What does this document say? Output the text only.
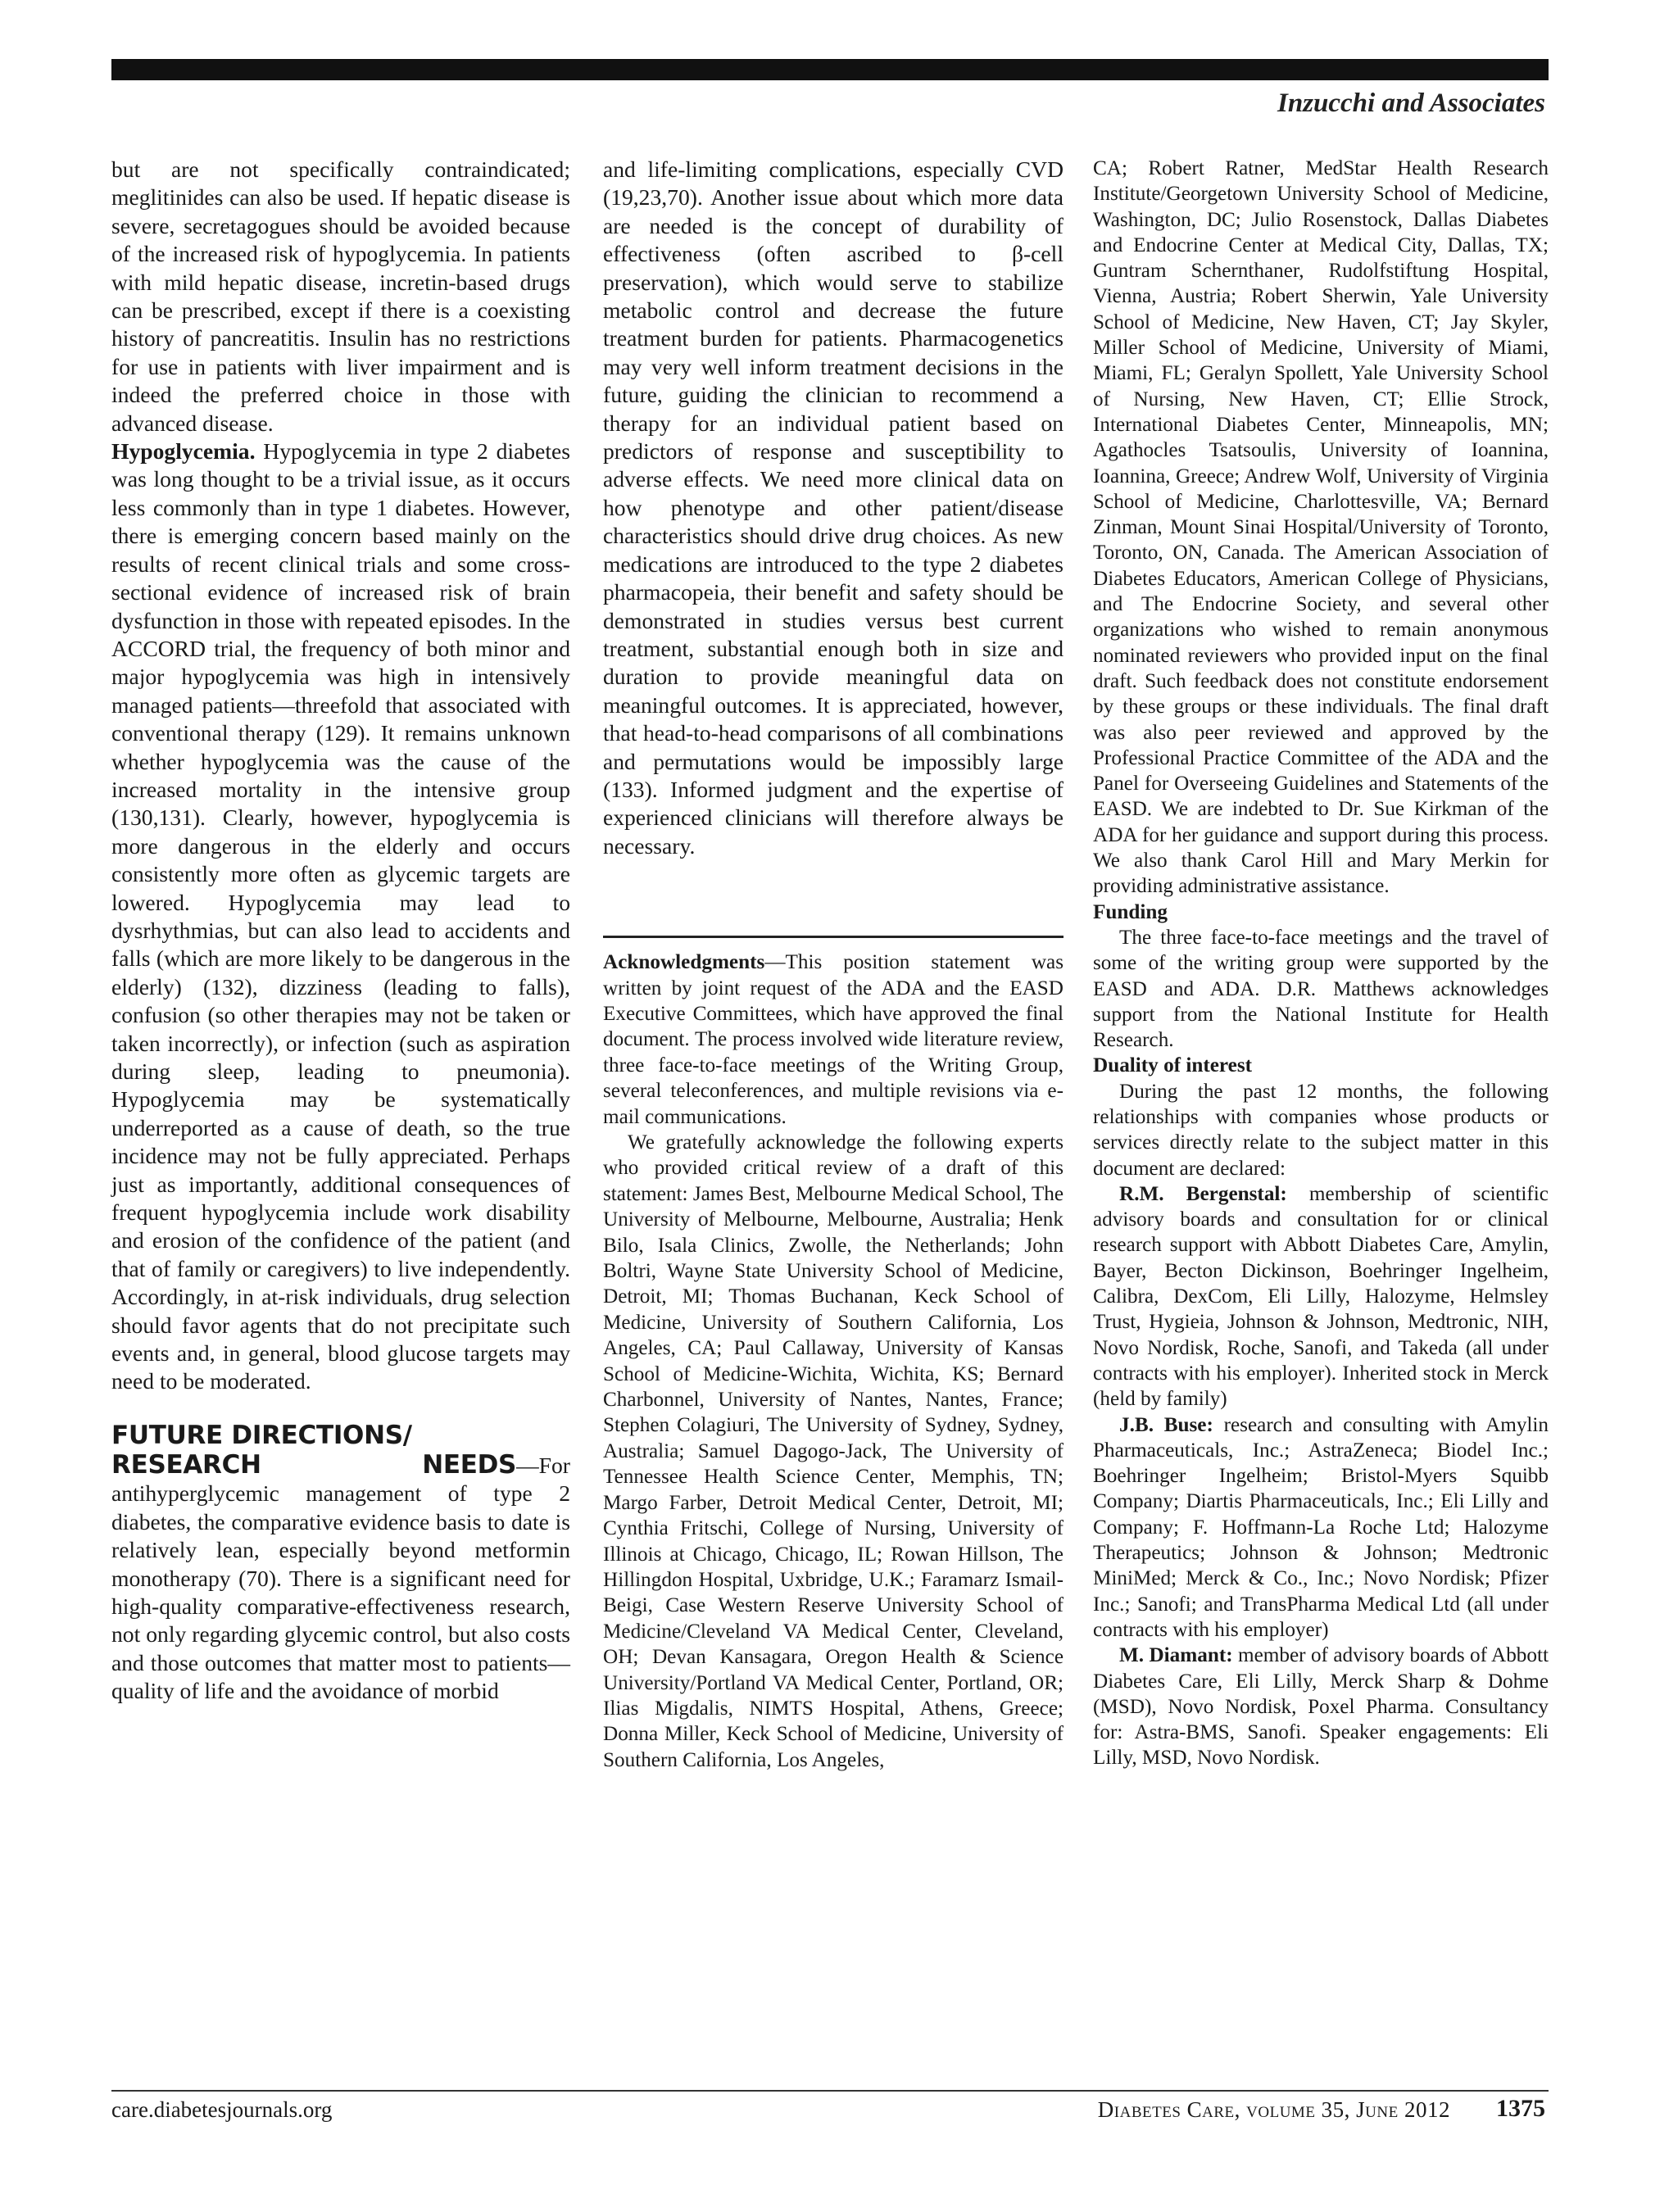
Inzucchi and Associates

but are not specifically contraindicated; meglitinides can also be used. If hepatic disease is severe, secretagogues should be avoided because of the increased risk of hypoglycemia. In patients with mild hepatic disease, incretin-based drugs can be prescribed, except if there is a coexisting history of pancreatitis. Insulin has no restrictions for use in patients with liver impairment and is indeed the preferred choice in those with advanced disease.

Hypoglycemia. Hypoglycemia in type 2 diabetes was long thought to be a trivial issue, as it occurs less commonly than in type 1 diabetes. However, there is emerging concern based mainly on the results of recent clinical trials and some cross-sectional evidence of increased risk of brain dysfunction in those with repeated episodes. In the ACCORD trial, the frequency of both minor and major hypoglycemia was high in intensively managed patients—threefold that associated with conventional therapy (129). It remains unknown whether hypoglycemia was the cause of the increased mortality in the intensive group (130,131). Clearly, however, hypoglycemia is more dangerous in the elderly and occurs consistently more often as glycemic targets are lowered. Hypoglycemia may lead to dysrhythmias, but can also lead to accidents and falls (which are more likely to be dangerous in the elderly) (132), dizziness (leading to falls), confusion (so other therapies may not be taken or taken incorrectly), or infection (such as aspiration during sleep, leading to pneumonia). Hypoglycemia may be systematically underreported as a cause of death, so the true incidence may not be fully appreciated. Perhaps just as importantly, additional consequences of frequent hypoglycemia include work disability and erosion of the confidence of the patient (and that of family or caregivers) to live independently. Accordingly, in at-risk individuals, drug selection should favor agents that do not precipitate such events and, in general, blood glucose targets may need to be moderated.

FUTURE DIRECTIONS/

RESEARCH NEEDS—For antihyperglycemic management of type 2 diabetes, the comparative evidence basis to date is relatively lean, especially beyond metformin monotherapy (70). There is a significant need for high-quality comparative-effectiveness research, not only regarding glycemic control, but also costs and those outcomes that matter most to patients—quality of life and the avoidance of morbid

and life-limiting complications, especially CVD (19,23,70). Another issue about which more data are needed is the concept of durability of effectiveness (often ascribed to β-cell preservation), which would serve to stabilize metabolic control and decrease the future treatment burden for patients. Pharmacogenetics may very well inform treatment decisions in the future, guiding the clinician to recommend a therapy for an individual patient based on predictors of response and susceptibility to adverse effects. We need more clinical data on how phenotype and other patient/disease characteristics should drive drug choices. As new medications are introduced to the type 2 diabetes pharmacopeia, their benefit and safety should be demonstrated in studies versus best current treatment, substantial enough both in size and duration to provide meaningful data on meaningful outcomes. It is appreciated, however, that head-to-head comparisons of all combinations and permutations would be impossibly large (133). Informed judgment and the expertise of experienced clinicians will therefore always be necessary.

Acknowledgments—This position statement was written by joint request of the ADA and the EASD Executive Committees, which have approved the final document. The process involved wide literature review, three face-to-face meetings of the Writing Group, several teleconferences, and multiple revisions via e-mail communications.

We gratefully acknowledge the following experts who provided critical review of a draft of this statement: James Best, Melbourne Medical School, The University of Melbourne, Melbourne, Australia; Henk Bilo, Isala Clinics, Zwolle, the Netherlands; John Boltri, Wayne State University School of Medicine, Detroit, MI; Thomas Buchanan, Keck School of Medicine, University of Southern California, Los Angeles, CA; Paul Callaway, University of Kansas School of Medicine-Wichita, Wichita, KS; Bernard Charbonnel, University of Nantes, Nantes, France; Stephen Colagiuri, The University of Sydney, Sydney, Australia; Samuel Dagogo-Jack, The University of Tennessee Health Science Center, Memphis, TN; Margo Farber, Detroit Medical Center, Detroit, MI; Cynthia Fritschi, College of Nursing, University of Illinois at Chicago, Chicago, IL; Rowan Hillson, The Hillingdon Hospital, Uxbridge, U.K.; Faramarz Ismail-Beigi, Case Western Reserve University School of Medicine/Cleveland VA Medical Center, Cleveland, OH; Devan Kansagara, Oregon Health & Science University/Portland VA Medical Center, Portland, OR; Ilias Migdalis, NIMTS Hospital, Athens, Greece; Donna Miller, Keck School of Medicine, University of Southern California, Los Angeles,

CA; Robert Ratner, MedStar Health Research Institute/Georgetown University School of Medicine, Washington, DC; Julio Rosenstock, Dallas Diabetes and Endocrine Center at Medical City, Dallas, TX; Guntram Schernthaner, Rudolfstiftung Hospital, Vienna, Austria; Robert Sherwin, Yale University School of Medicine, New Haven, CT; Jay Skyler, Miller School of Medicine, University of Miami, Miami, FL; Geralyn Spollett, Yale University School of Nursing, New Haven, CT; Ellie Strock, International Diabetes Center, Minneapolis, MN; Agathocles Tsatsoulis, University of Ioannina, Ioannina, Greece; Andrew Wolf, University of Virginia School of Medicine, Charlottesville, VA; Bernard Zinman, Mount Sinai Hospital/University of Toronto, Toronto, ON, Canada. The American Association of Diabetes Educators, American College of Physicians, and The Endocrine Society, and several other organizations who wished to remain anonymous nominated reviewers who provided input on the final draft. Such feedback does not constitute endorsement by these groups or these individuals. The final draft was also peer reviewed and approved by the Professional Practice Committee of the ADA and the Panel for Overseeing Guidelines and Statements of the EASD. We are indebted to Dr. Sue Kirkman of the ADA for her guidance and support during this process. We also thank Carol Hill and Mary Merkin for providing administrative assistance.

Funding

The three face-to-face meetings and the travel of some of the writing group were supported by the EASD and ADA. D.R. Matthews acknowledges support from the National Institute for Health Research.

Duality of interest

During the past 12 months, the following relationships with companies whose products or services directly relate to the subject matter in this document are declared:

R.M. Bergenstal: membership of scientific advisory boards and consultation for or clinical research support with Abbott Diabetes Care, Amylin, Bayer, Becton Dickinson, Boehringer Ingelheim, Calibra, DexCom, Eli Lilly, Halozyme, Helmsley Trust, Hygieia, Johnson & Johnson, Medtronic, NIH, Novo Nordisk, Roche, Sanofi, and Takeda (all under contracts with his employer). Inherited stock in Merck (held by family)

J.B. Buse: research and consulting with Amylin Pharmaceuticals, Inc.; AstraZeneca; Biodel Inc.; Boehringer Ingelheim; Bristol-Myers Squibb Company; Diartis Pharmaceuticals, Inc.; Eli Lilly and Company; F. Hoffmann-La Roche Ltd; Halozyme Therapeutics; Johnson & Johnson; Medtronic MiniMed; Merck & Co., Inc.; Novo Nordisk; Pfizer Inc.; Sanofi; and TransPharma Medical Ltd (all under contracts with his employer)

M. Diamant: member of advisory boards of Abbott Diabetes Care, Eli Lilly, Merck Sharp & Dohme (MSD), Novo Nordisk, Poxel Pharma. Consultancy for: Astra-BMS, Sanofi. Speaker engagements: Eli Lilly, MSD, Novo Nordisk.

care.diabetesjournals.org	Diabetes Care, volume 35, June 2012 1375
